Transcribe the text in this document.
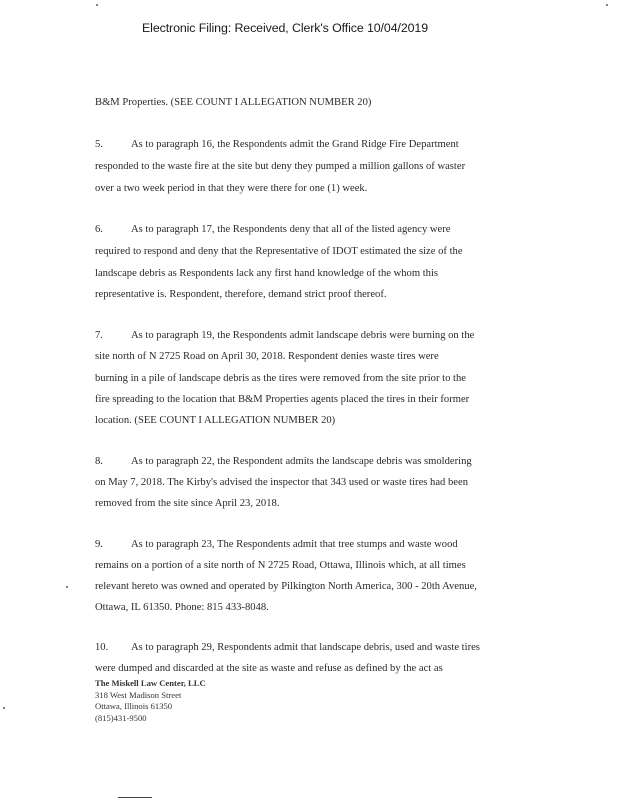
Electronic Filing: Received, Clerk's Office 10/04/2019
B&M Properties. (SEE COUNT I ALLEGATION NUMBER 20)
5.	As to paragraph 16, the Respondents admit the Grand Ridge Fire Department
responded to the waste fire at the site but deny they pumped a million gallons of waster
over a two week period in that they were there for one (1) week.
6.	As to paragraph 17, the Respondents deny that all of the listed agency were
required to respond and deny that the Representative of IDOT estimated the size of the
landscape debris as Respondents lack any first hand knowledge of the whom this
representative is. Respondent, therefore, demand strict proof thereof.
7.	As to paragraph 19, the Respondents admit landscape debris were burning on the
site north of N 2725 Road on April 30, 2018. Respondent denies waste tires were
burning in a pile of landscape debris as the tires were removed from the site prior to the
fire spreading to the location that B&M Properties agents placed the tires in their former
location. (SEE COUNT I ALLEGATION NUMBER 20)
8.	As to paragraph 22, the Respondent admits the landscape debris was smoldering
on May 7, 2018. The Kirby's advised the inspector that 343 used or waste tires had been
removed from the site since April 23, 2018.
9.	As to paragraph 23, The Respondents admit that tree stumps and waste wood
remains on a portion of a site north of N 2725 Road, Ottawa, Illinois which, at all times
relevant hereto was owned and operated by Pilkington North America, 300 - 20th Avenue,
Ottawa, IL 61350. Phone: 815 433-8048.
10. As to paragraph 29, Respondents admit that landscape debris, used and waste tires
were dumped and discarded at the site as waste and refuse as defined by the act as
The Miskell Law Center, LLC
318 West Madison Street
Ottawa, Illinois 61350
(815)431-9500
